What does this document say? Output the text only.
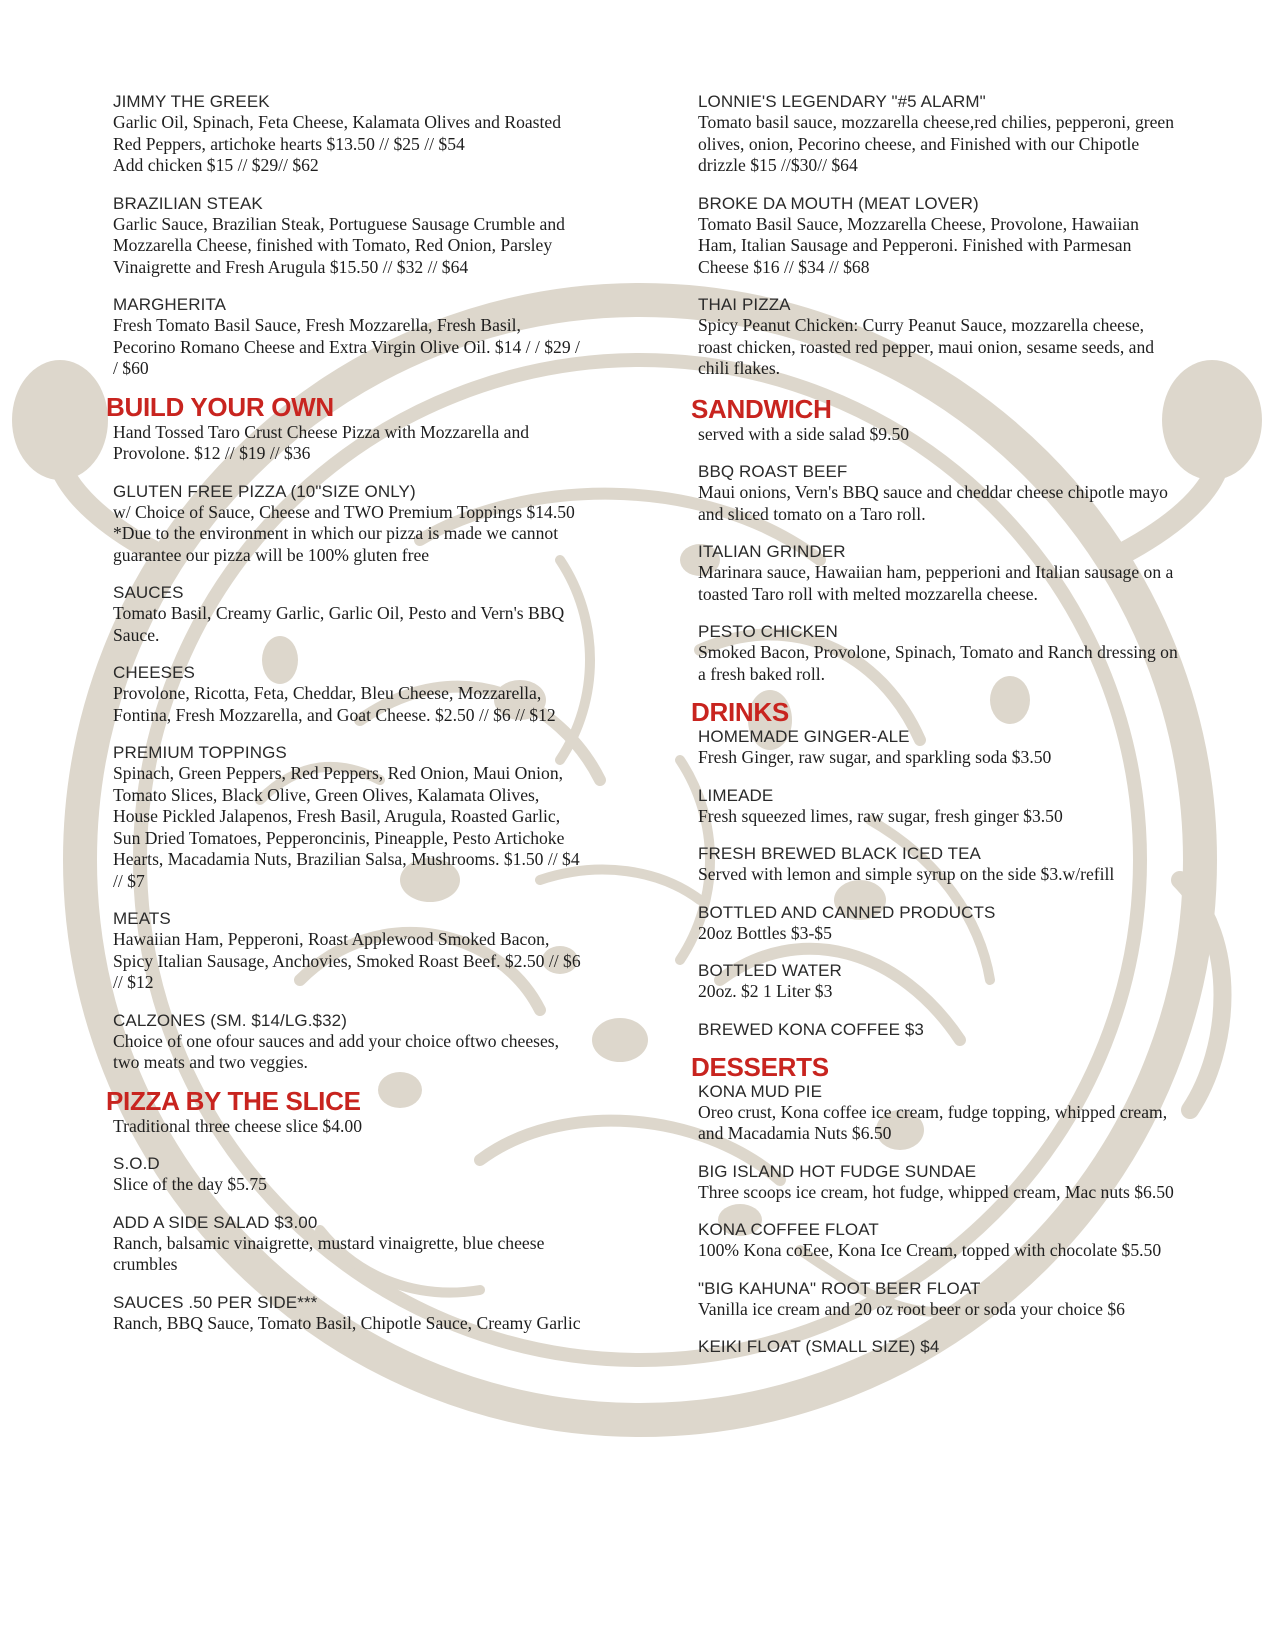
JIMMY THE GREEK
Garlic Oil, Spinach, Feta Cheese, Kalamata Olives and Roasted Red Peppers, artichoke hearts $13.50 // $25 // $54
Add chicken $15 // $29// $62
BRAZILIAN STEAK
Garlic Sauce, Brazilian Steak, Portuguese Sausage Crumble and Mozzarella Cheese, finished with Tomato, Red Onion, Parsley Vinaigrette and Fresh Arugula $15.50 // $32 // $64
MARGHERITA
Fresh Tomato Basil Sauce, Fresh Mozzarella, Fresh Basil, Pecorino Romano Cheese and Extra Virgin Olive Oil. $14 / / $29 / / $60
BUILD YOUR OWN
Hand Tossed Taro Crust Cheese Pizza with Mozzarella and Provolone. $12 // $19 // $36
GLUTEN FREE PIZZA (10"SIZE ONLY)
w/ Choice of Sauce, Cheese and TWO Premium Toppings $14.50 *Due to the environment in which our pizza is made we cannot guarantee our pizza will be 100% gluten free
SAUCES
Tomato Basil, Creamy Garlic, Garlic Oil, Pesto and Vern's BBQ Sauce.
CHEESES
Provolone, Ricotta, Feta, Cheddar, Bleu Cheese, Mozzarella, Fontina, Fresh Mozzarella, and Goat Cheese. $2.50 // $6 // $12
PREMIUM TOPPINGS
Spinach, Green Peppers, Red Peppers, Red Onion, Maui Onion, Tomato Slices, Black Olive, Green Olives, Kalamata Olives, House Pickled Jalapenos, Fresh Basil, Arugula, Roasted Garlic, Sun Dried Tomatoes, Pepperoncinis, Pineapple, Pesto Artichoke Hearts, Macadamia Nuts, Brazilian Salsa, Mushrooms. $1.50 // $4 // $7
MEATS
Hawaiian Ham, Pepperoni, Roast Applewood Smoked Bacon, Spicy Italian Sausage, Anchovies, Smoked Roast Beef. $2.50 // $6 // $12
CALZONES (SM. $14/LG.$32)
Choice of one ofour sauces and add your choice oftwo cheeses, two meats and two veggies.
PIZZA BY THE SLICE
Traditional three cheese slice $4.00
S.O.D
Slice of the day $5.75
ADD A SIDE SALAD $3.00
Ranch, balsamic vinaigrette, mustard vinaigrette, blue cheese crumbles
SAUCES .50 PER SIDE***
Ranch, BBQ Sauce, Tomato Basil, Chipotle Sauce, Creamy Garlic
LONNIE'S LEGENDARY "#5 ALARM"
Tomato basil sauce, mozzarella cheese,red chilies, pepperoni, green olives, onion, Pecorino cheese, and Finished with our Chipotle drizzle $15 //$30// $64
BROKE DA MOUTH (MEAT LOVER)
Tomato Basil Sauce, Mozzarella Cheese, Provolone, Hawaiian Ham, Italian Sausage and Pepperoni. Finished with Parmesan Cheese $16 // $34 // $68
THAI PIZZA
Spicy Peanut Chicken: Curry Peanut Sauce, mozzarella cheese, roast chicken, roasted red pepper, maui onion, sesame seeds, and chili flakes.
SANDWICH
served with a side salad $9.50
BBQ ROAST BEEF
Maui onions, Vern's BBQ sauce and cheddar cheese chipotle mayo and sliced tomato on a Taro roll.
ITALIAN GRINDER
Marinara sauce, Hawaiian ham, pepperioni and Italian sausage on a toasted Taro roll with melted mozzarella cheese.
PESTO CHICKEN
Smoked Bacon, Provolone, Spinach, Tomato and Ranch dressing on a fresh baked roll.
DRINKS
HOMEMADE GINGER-ALE
Fresh Ginger, raw sugar, and sparkling soda $3.50
LIMEADE
Fresh squeezed limes, raw sugar, fresh ginger $3.50
FRESH BREWED BLACK ICED TEA
Served with lemon and simple syrup on the side $3.w/refill
BOTTLED AND CANNED PRODUCTS
20oz Bottles $3-$5
BOTTLED WATER
20oz. $2 1 Liter $3
BREWED KONA COFFEE $3
DESSERTS
KONA MUD PIE
Oreo crust, Kona coffee ice cream, fudge topping, whipped cream, and Macadamia Nuts $6.50
BIG ISLAND HOT FUDGE SUNDAE
Three scoops ice cream, hot fudge, whipped cream, Mac nuts $6.50
KONA COFFEE FLOAT
100% Kona coEee, Kona Ice Cream, topped with chocolate $5.50
"BIG KAHUNA" ROOT BEER FLOAT
Vanilla ice cream and 20 oz root beer or soda your choice $6
KEIKI FLOAT (SMALL SIZE) $4
